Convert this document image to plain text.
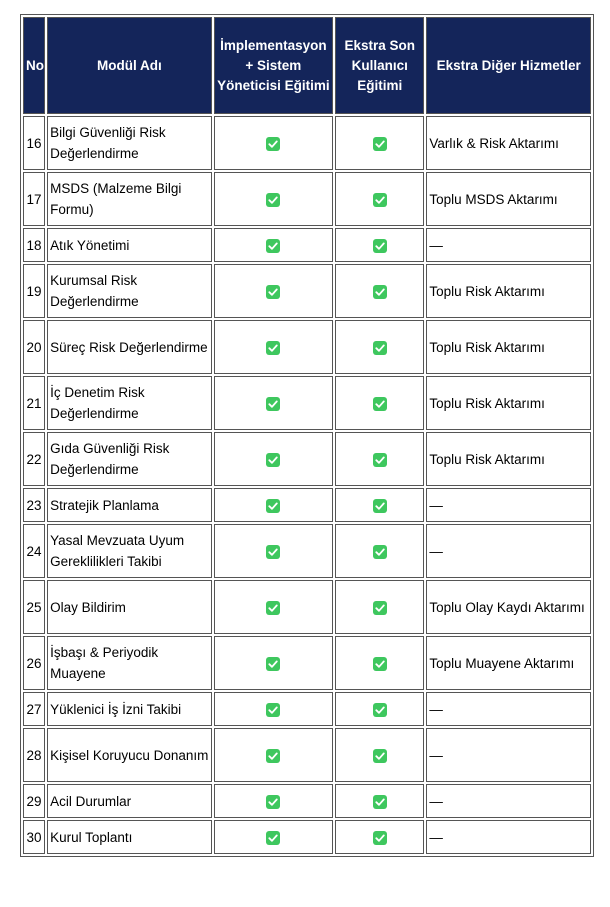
No	Modül Adı	İmplementasyon + Sistem Yöneticisi Eğitimi	Ekstra Son Kullanıcı Eğitimi	Ekstra Diğer Hizmetler
16	Bilgi Güvenliği Risk Değerlendirme			Varlık & Risk Aktarımı
17	MSDS (Malzeme Bilgi Formu)			Toplu MSDS Aktarımı
18	Atık Yönetimi			—
19	Kurumsal Risk Değerlendirme			Toplu Risk Aktarımı
20	Süreç Risk Değerlendirme			Toplu Risk Aktarımı
21	İç Denetim Risk Değerlendirme			Toplu Risk Aktarımı
22	Gıda Güvenliği Risk Değerlendirme			Toplu Risk Aktarımı
23	Stratejik Planlama			—
24	Yasal Mevzuata Uyum Gereklilikleri Takibi			—
25	Olay Bildirim			Toplu Olay Kaydı Aktarımı
26	İşbaşı & Periyodik Muayene			Toplu Muayene Aktarımı
27	Yüklenici İş İzni Takibi			—
28	Kişisel Koruyucu Donanım			—
29	Acil Durumlar			—
30	Kurul Toplantı			—
